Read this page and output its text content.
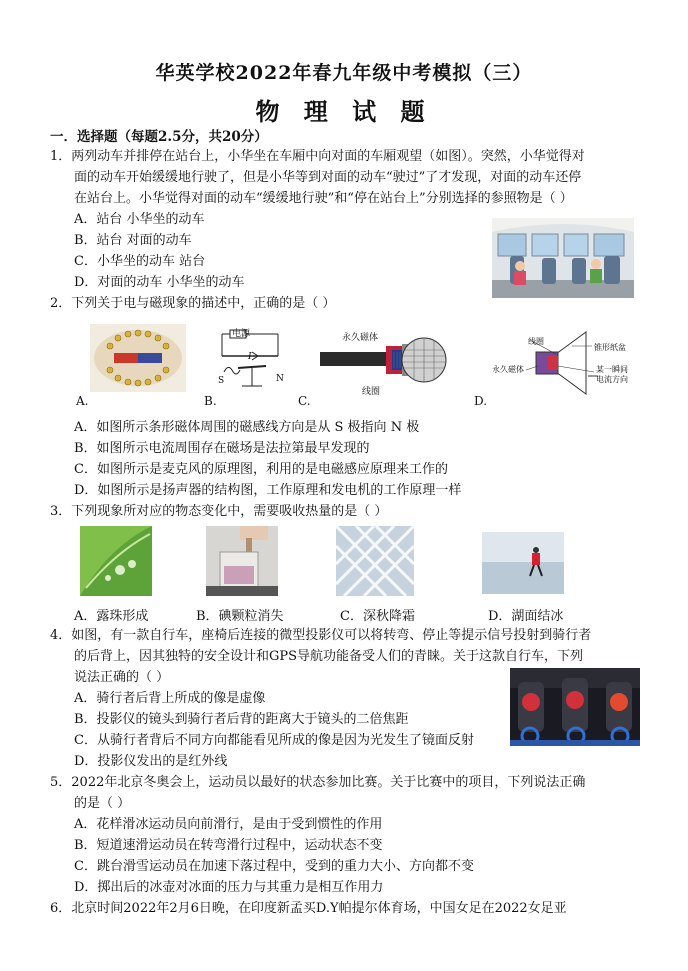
华英学校2022年春九年级中考模拟（三）
物 理 试 题
一．选择题（每题2.5分，共20分）
1．两列动车并排停在站台上，小华坐在车厢中向对面的车厢观望（如图）。突然，小华觉得对
面的动车开始缓缓地行驶了，但是小华等到对面的动车“驶过”了才发现，对面的动车还停
在站台上。小华觉得对面的动车“缓缓地行驶”和“停在站台上”分别选择的参照物是（ ）
A．站台 小华坐的动车
B．站台 对面的动车
C．小华坐的动车 站台
D．对面的动车 小华坐的动车
2．下列关于电与磁现象的描述中，正确的是（ ）
A.
电源
I
S	N
B.
永久磁体
线圈
C.
线圈
锥形纸盆
永久磁体	某一瞬间
电流方向
D.
A．如图所示条形磁体周围的磁感线方向是从 S 极指向 N 极
B．如图所示电流周围存在磁场是法拉第最早发现的
C．如图所示是麦克风的原理图，利用的是电磁感应原理来工作的
D．如图所示是扬声器的结构图，工作原理和发电机的工作原理一样
3．下列现象所对应的物态变化中，需要吸收热量的是（ ）
A．露珠形成	B．碘颗粒消失	C．深秋降霜	D．湖面结冰
4．如图，有一款自行车，座椅后连接的微型投影仪可以将转弯、停止等提示信号投射到骑行者
的后背上，因其独特的安全设计和GPS导航功能备受人们的青睐。关于这款自行车，下列
说法正确的（ ）
A．骑行者后背上所成的像是虚像
B．投影仪的镜头到骑行者后背的距离大于镜头的二倍焦距
C．从骑行者背后不同方向都能看见所成的像是因为光发生了镜面反射
D．投影仪发出的是红外线
5．2022年北京冬奥会上，运动员以最好的状态参加比赛。关于比赛中的项目，下列说法正确
的是（ ）
A．花样滑冰运动员向前滑行，是由于受到惯性的作用
B．短道速滑运动员在转弯滑行过程中，运动状态不变
C．跳台滑雪运动员在加速下落过程中，受到的重力大小、方向都不变
D．掷出后的冰壶对冰面的压力与其重力是相互作用力
6．北京时间2022年2月6日晚，在印度新孟买D.Y帕提尔体育场，中国女足在2022女足亚
